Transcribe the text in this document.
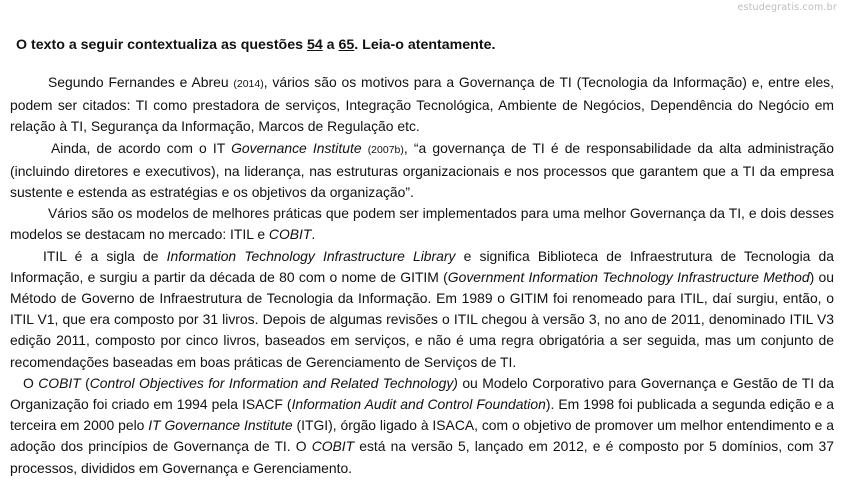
estudegratis.com.br
O texto a seguir contextualiza as questões 54 a 65. Leia-o atentamente.

Segundo Fernandes e Abreu (2014), vários são os motivos para a Governança de TI (Tecnologia da Informação) e, entre eles, podem ser citados: TI como prestadora de serviços, Integração Tecnológica, Ambiente de Negócios, Dependência do Negócio em relação à TI, Segurança da Informação, Marcos de Regulação etc.

Ainda, de acordo com o IT Governance Institute (2007b), “a governança de TI é de responsabilidade da alta administração (incluindo diretores e executivos), na liderança, nas estruturas organizacionais e nos processos que garantem que a TI da empresa sustente e estenda as estratégias e os objetivos da organização”.

Vários são os modelos de melhores práticas que podem ser implementados para uma melhor Governança da TI, e dois desses modelos se destacam no mercado: ITIL e COBIT.

ITIL é a sigla de Information Technology Infrastructure Library e significa Biblioteca de Infraestrutura de Tecnologia da Informação, e surgiu a partir da década de 80 com o nome de GITIM (Government Information Technology Infrastructure Method) ou Método de Governo de Infraestrutura de Tecnologia da Informação. Em 1989 o GITIM foi renomeado para ITIL, daí surgiu, então, o ITIL V1, que era composto por 31 livros. Depois de algumas revisões o ITIL chegou à versão 3, no ano de 2011, denominado ITIL V3 edição 2011, composto por cinco livros, baseados em serviços, e não é uma regra obrigatória a ser seguida, mas um conjunto de recomendações baseadas em boas práticas de Gerenciamento de Serviços de TI.

O COBIT (Control Objectives for Information and Related Technology) ou Modelo Corporativo para Governança e Gestão de TI da Organização foi criado em 1994 pela ISACF (Information Audit and Control Foundation). Em 1998 foi publicada a segunda edição e a terceira em 2000 pelo IT Governance Institute (ITGI), órgão ligado à ISACA, com o objetivo de promover um melhor entendimento e a adoção dos princípios de Governança de TI. O COBIT está na versão 5, lançado em 2012, e é composto por 5 domínios, com 37 processos, divididos em Governança e Gerenciamento.
